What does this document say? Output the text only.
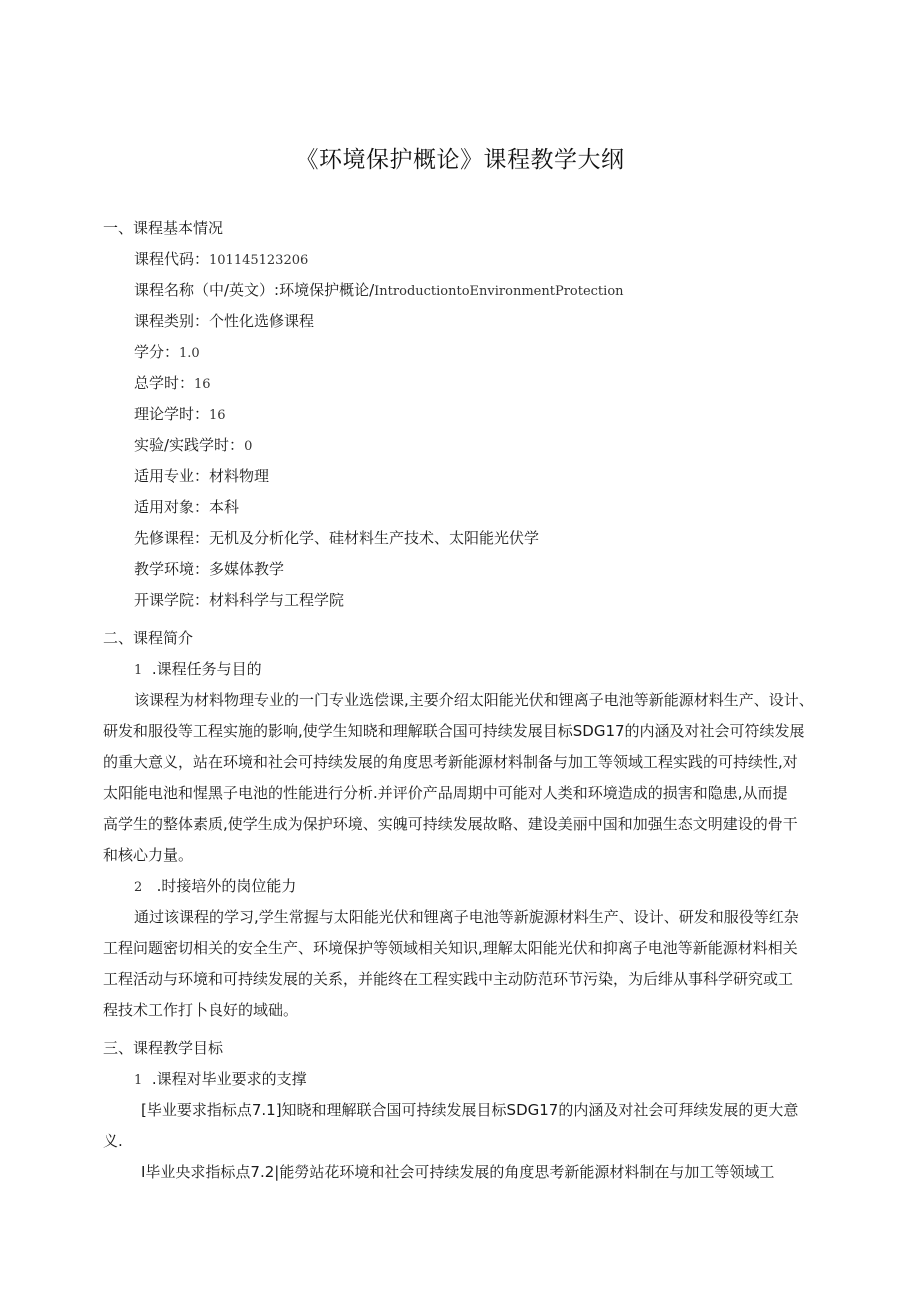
《环境保护概论》课程教学大纲
一、课程基本情况
课程代码：101145123206
课程名称（中/英文）:环境保护概论/IntroductiontoEnvironmentProtection
课程类别：个性化选修课程
学分：1.0
总学时：16
理论学时：16
实验/实践学时：0
适用专业：材料物理
适用对象：本科
先修课程：无机及分析化学、硅材料生产技术、太阳能光伏学
教学环境：多媒体教学
开课学院：材料科学与工程学院
二、课程简介
1 .课程任务与目的
该课程为材料物理专业的一门专业选偿课,主要介绍太阳能光伏和锂离子电池等新能源材料生产、设计、
研发和服役等工程实施的影响,使学生知晓和理解联合国可持续发展目标SDG17的内涵及对社会可符续发展
的重大意义，站在环境和社会可持续发展的角度思考新能源材料制备与加工等领域工程实践的可持续性,对
太阳能电池和惺黑子电池的性能进行分析.并评价产品周期中可能对人类和环境造成的损害和隐患,从而提
高学生的整体素质,使学生成为保护环境、实魄可持续发展故略、建设美丽中国和加强生态文明建设的骨干
和核心力量。
2 .时接培外的岗位能力
通过该课程的学习,学生常握与太阳能光伏和锂离子电池等新旎源材料生产、设计、研发和服役等红杂
工程问题密切相关的安全生产、环境保护等领域相关知识,理解太阳能光伏和抑离子电池等新能源材料相关
工程活动与环境和可持续发展的关系，并能终在工程实践中主动防范环节污染，为后绯从事科学研究或工
程技术工作打卜良好的域础。
三、课程教学目标
1 .课程对毕业要求的支撑
[毕业要求指标点7.1]知晓和理解联合国可持续发展目标SDG17的内涵及对社会可拜续发展的更大意
义.
I毕业央求指标点7.2|能勞站花环境和社会可持续发展的角度思考新能源材料制在与加工等领域工
